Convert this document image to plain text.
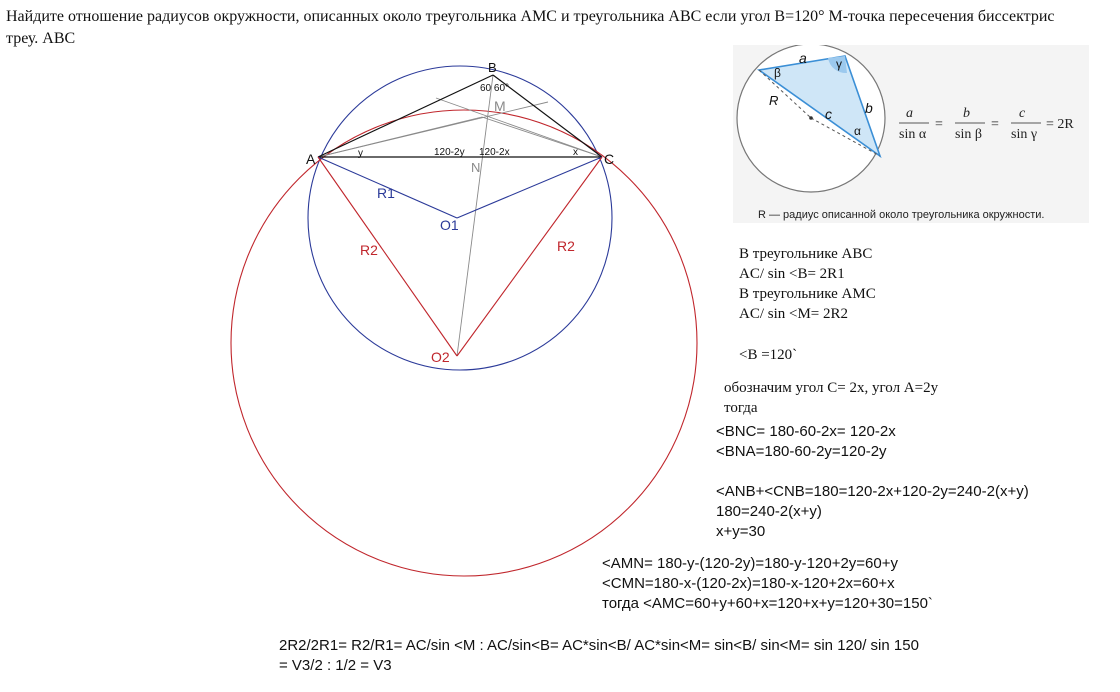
Найдите отношение радиусов окружности, описанных около треугольника AMC и треугольника ABC если угол B=120° M-точка пересечения биссектрис треу. ABC
B
A	C
M
N
O1
O2
60 60°
120-2y 120-2x
y	x
R1
R2	R2
a
b
c
R
α
β
γ
a
sin α
=
b
sin β
=
c
sin γ
= 2R
R — радиус описанной около треугольника окружности.
В треугольнике ABC
AC/ sin <B= 2R1
В треугольнике AMC
AC/ sin <M= 2R2
<B =120`
обозначим угол C= 2x, угол A=2y
тогда
<BNC= 180-60-2x= 120-2x
<BNA=180-60-2y=120-2y
<ANB+<CNB=180=120-2x+120-2y=240-2(x+y)
180=240-2(x+y)
x+y=30
<AMN= 180-y-(120-2y)=180-y-120+2y=60+y
<CMN=180-x-(120-2x)=180-x-120+2x=60+x
тогда <AMC=60+y+60+x=120+x+y=120+30=150`
2R2/2R1= R2/R1= AC/sin <M : AC/sin<B= AC*sin<B/ AC*sin<M= sin<B/ sin<M= sin 120/ sin 150
= V3/2 : 1/2 = V3
